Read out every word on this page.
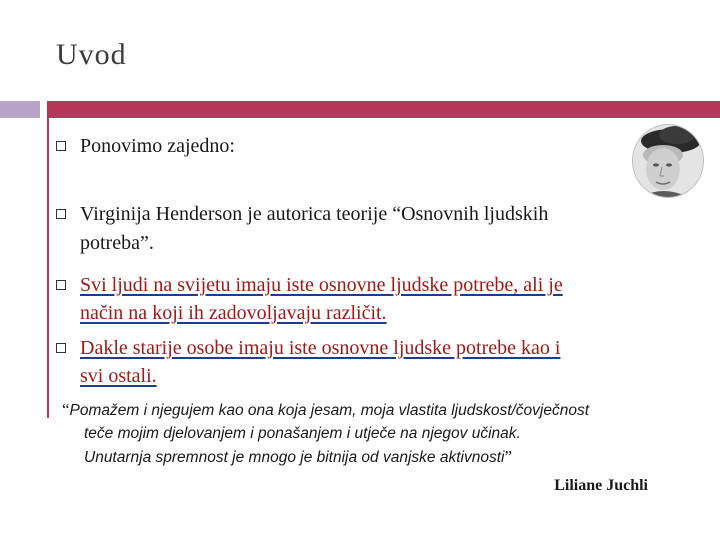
Uvod
Ponovimo zajedno:
Virginija Henderson je autorica teorije “Osnovnih ljudskih
potreba”.
Svi ljudi na svijetu imaju iste osnovne ljudske potrebe, ali je
način na koji ih zadovoljavaju različit.
Dakle starije osobe imaju iste osnovne ljudske potrebe kao i
svi ostali.
“Pomažem i njegujem kao ona koja jesam, moja vlastita ljudskost/čovječnost
teče mojim djelovanjem i ponašanjem i utječe na njegov učinak.
Unutarnja spremnost je mnogo je bitnija od vanjske aktivnosti”
Liliane Juchli
